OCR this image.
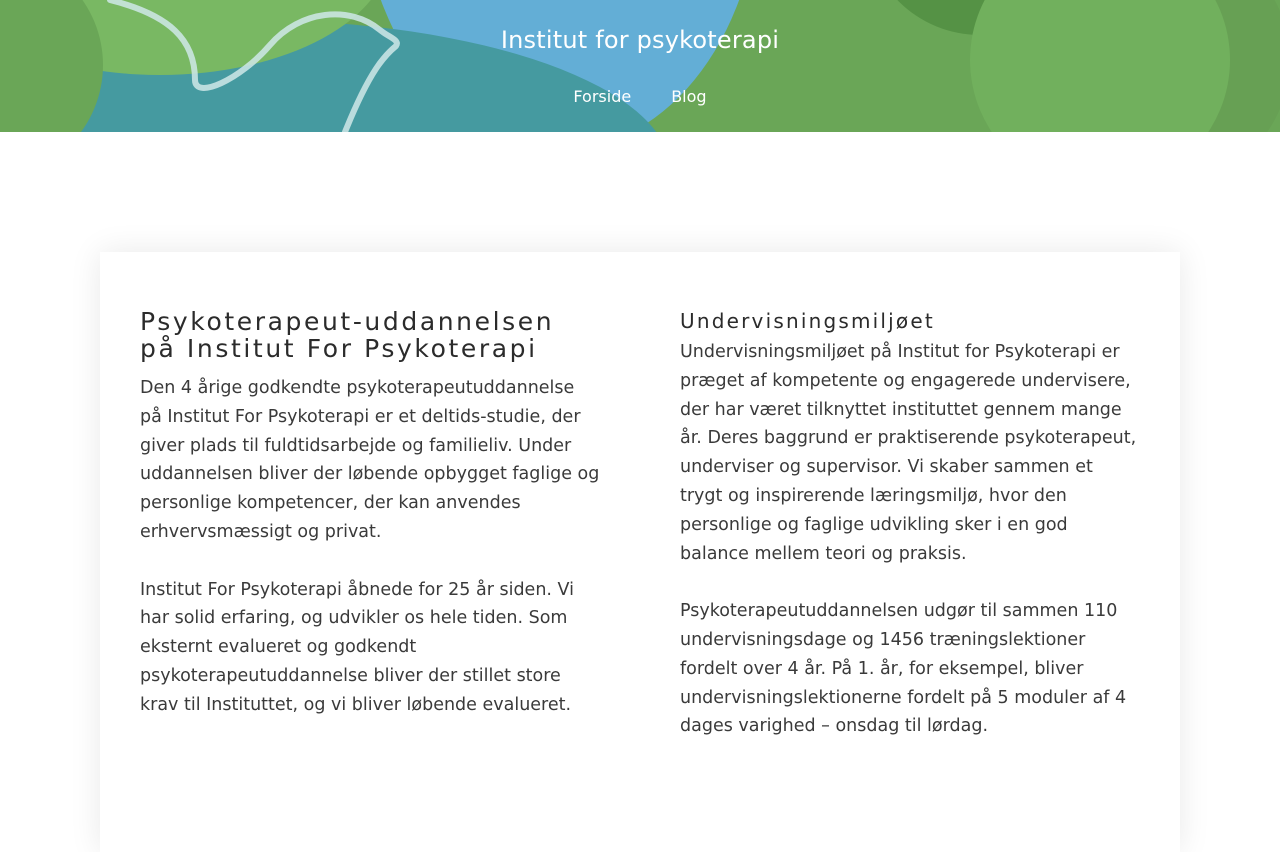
Institut for psykoterapi
Forside	Blog
Psykoterapeut-uddannelsen på Institut For Psykoterapi

Den 4 årige godkendte psykoterapeutuddannelse på Institut For Psykoterapi er et deltids-studie, der giver plads til fuldtidsarbejde og familieliv. Under uddannelsen bliver der løbende opbygget faglige og personlige kompetencer, der kan anvendes erhvervsmæssigt og privat.

Institut For Psykoterapi åbnede for 25 år siden. Vi har solid erfaring, og udvikler os hele tiden. Som eksternt evalueret og godkendt psykoterapeutuddannelse bliver der stillet store krav til Instituttet, og vi bliver løbende evalueret.

Undervisningsmiljøet

Undervisningsmiljøet på Institut for Psykoterapi er præget af kompetente og engagerede undervisere, der har været tilknyttet instituttet gennem mange år. Deres baggrund er praktiserende psykoterapeut, underviser og supervisor. Vi skaber sammen et trygt og inspirerende læringsmiljø, hvor den personlige og faglige udvikling sker i en god balance mellem teori og praksis.

Psykoterapeutuddannelsen udgør til sammen 110 undervisningsdage og 1456 træningslektioner fordelt over 4 år. På 1. år, for eksempel, bliver undervisningslektionerne fordelt på 5 moduler af 4 dages varighed – onsdag til lørdag.
